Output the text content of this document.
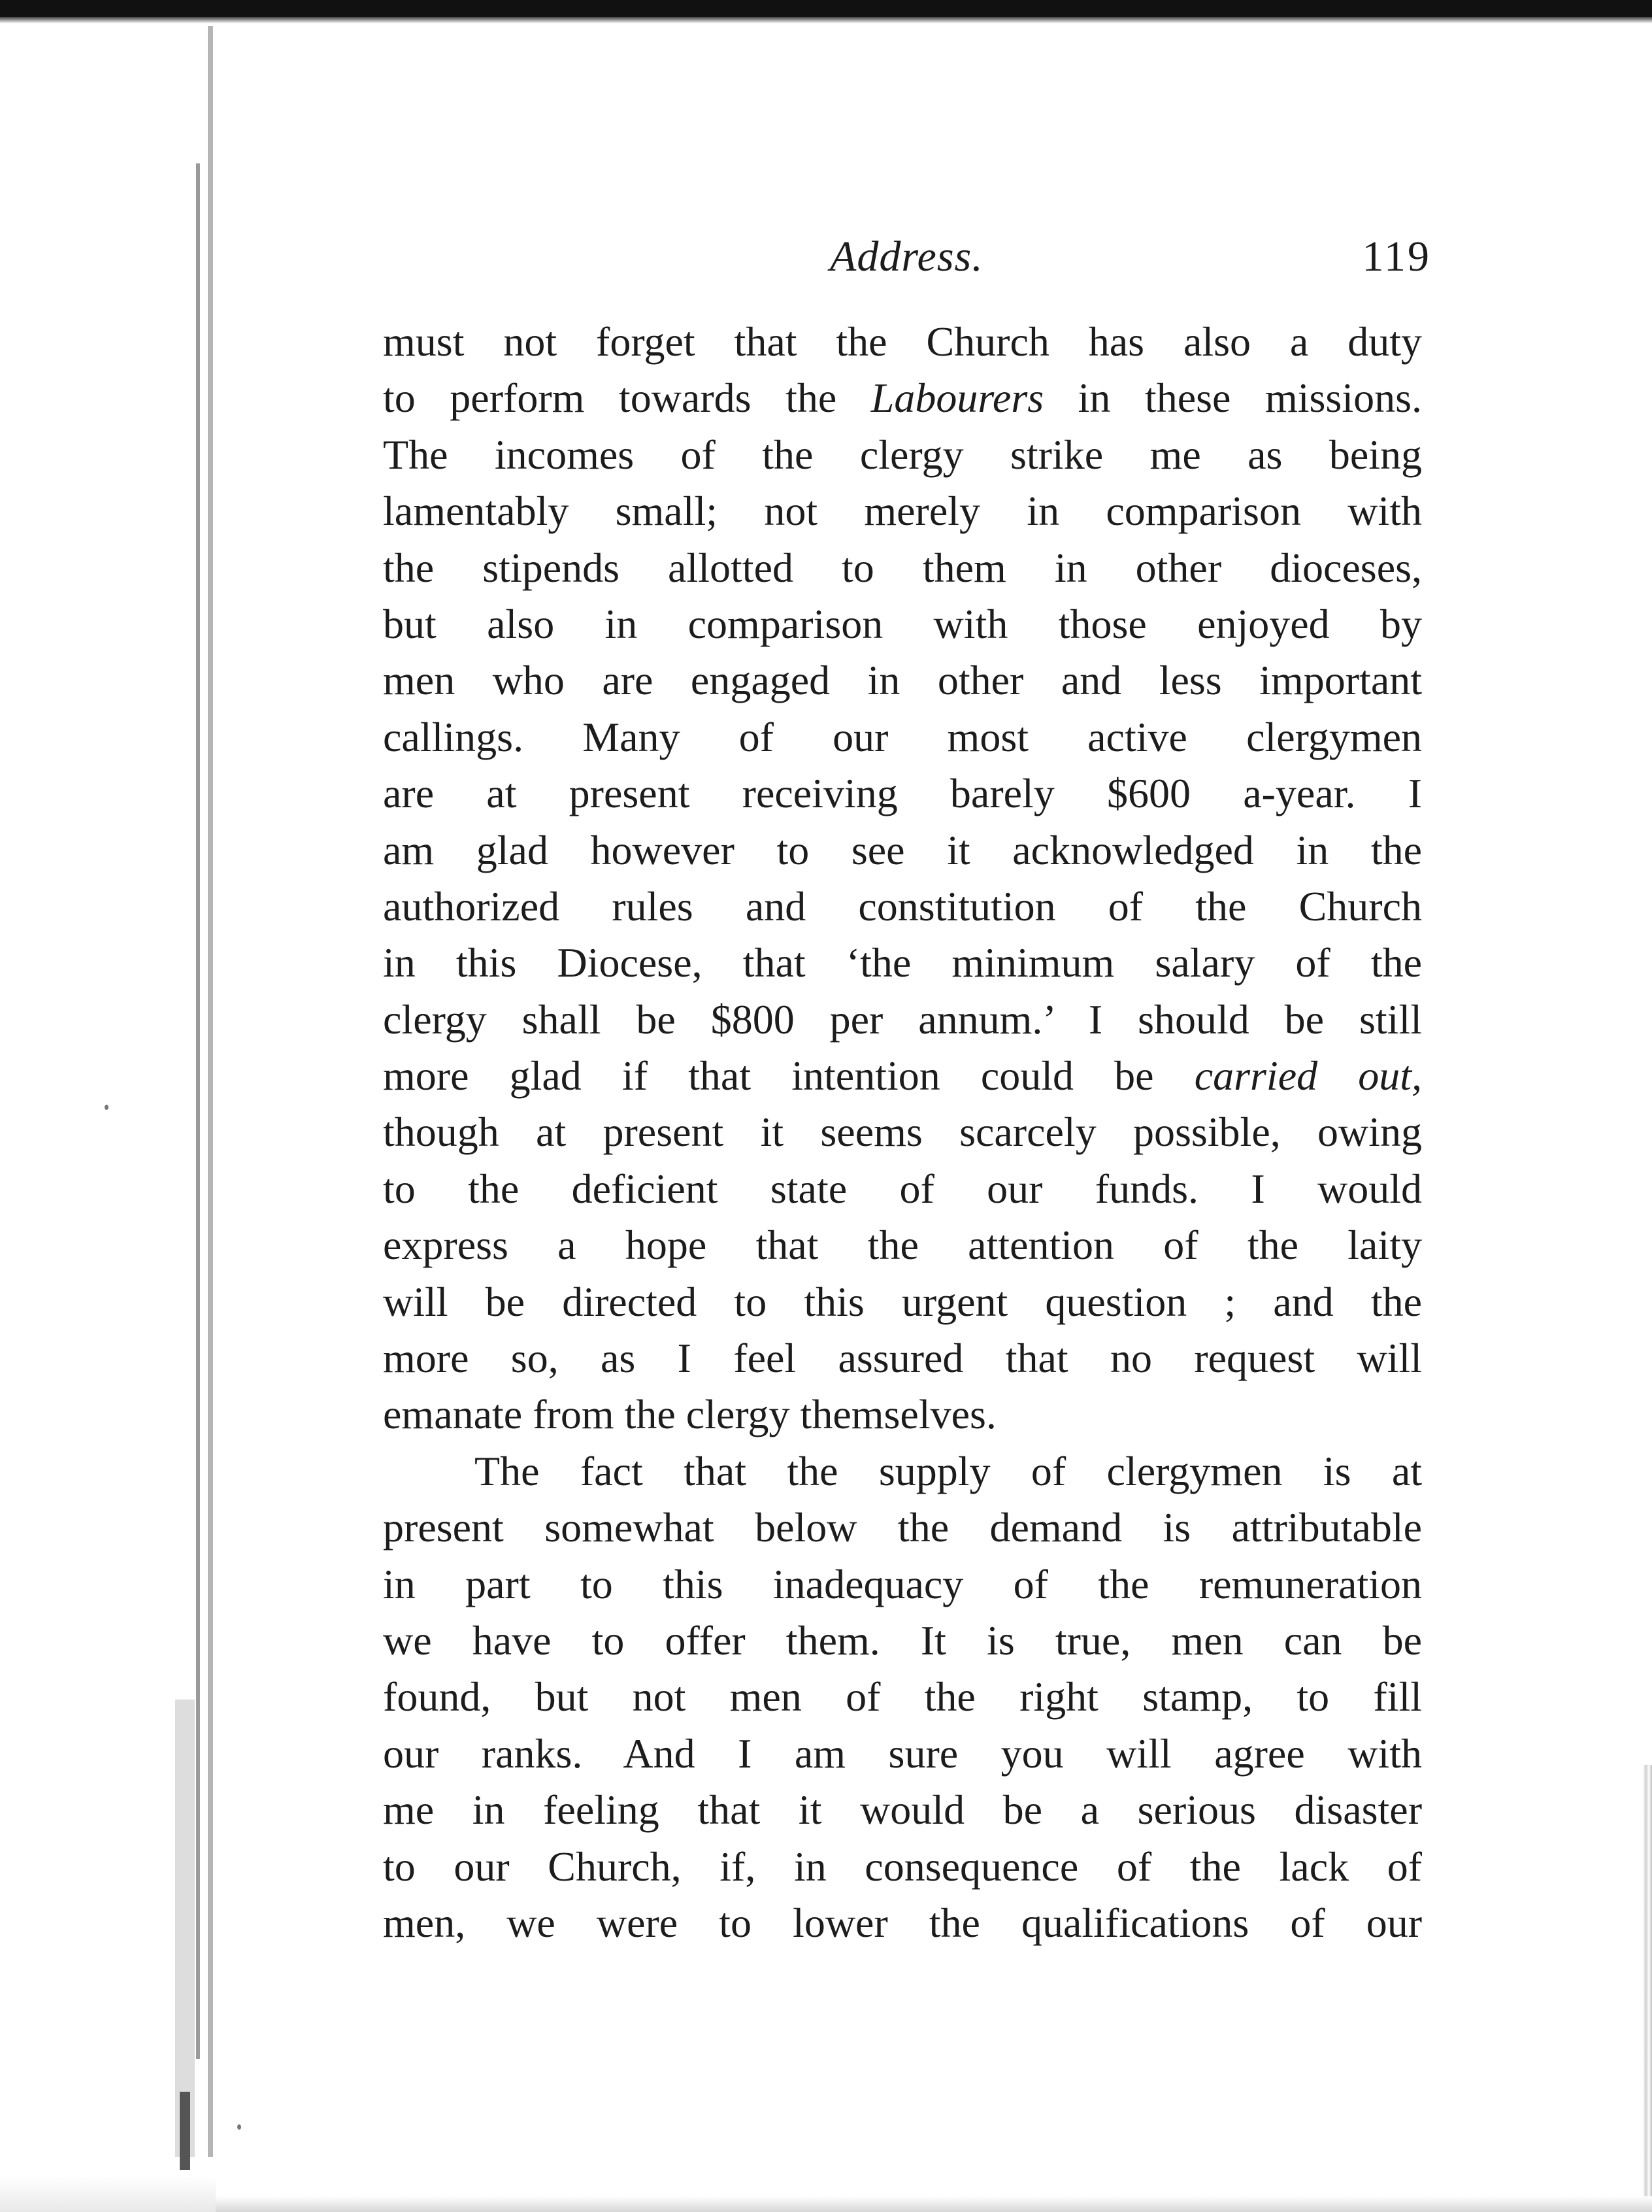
Address.	119
must not forget that the Church has also a duty
to perform towards the Labourers in these missions.
The incomes of the clergy strike me as being
lamentably small; not merely in comparison with
the stipends allotted to them in other dioceses,
but also in comparison with those enjoyed by
men who are engaged in other and less important
callings. Many of our most active clergymen
are at present receiving barely $600 a-year. I
am glad however to see it acknowledged in the
authorized rules and constitution of the Church
in this Diocese, that ‘the minimum salary of the
clergy shall be $800 per annum.’ I should be still
more glad if that intention could be carried out,
though at present it seems scarcely possible, owing
to the deficient state of our funds. I would
express a hope that the attention of the laity
will be directed to this urgent question ; and the
more so, as I feel assured that no request will
emanate from the clergy themselves.
The fact that the supply of clergymen is at
present somewhat below the demand is attributable
in part to this inadequacy of the remuneration
we have to offer them. It is true, men can be
found, but not men of the right stamp, to fill
our ranks. And I am sure you will agree with
me in feeling that it would be a serious disaster
to our Church, if, in consequence of the lack of
men, we were to lower the qualifications of our
